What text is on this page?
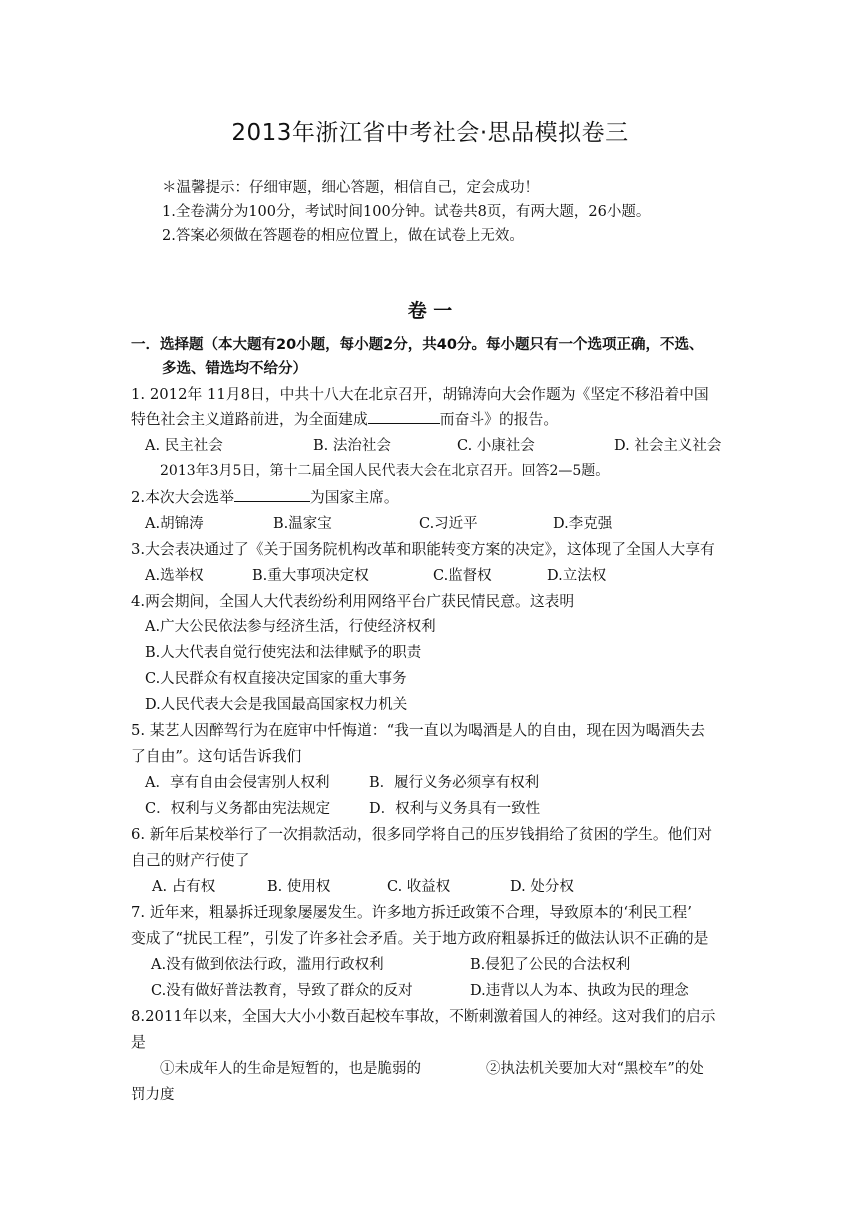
2013年浙江省中考社会·思品模拟卷三
＊温馨提示：仔细审题，细心答题，相信自己，定会成功！
1.全卷满分为100分，考试时间100分钟。试卷共8页，有两大题，26小题。
2.答案必须做在答题卷的相应位置上，做在试卷上无效。
卷 一
一．选择题（本大题有20小题，每小题2分，共40分。每小题只有一个选项正确，不选、
多选、错选均不给分）
1. 2012年 11月8日，中共十八大在北京召开，胡锦涛向大会作题为《坚定不移沿着中国
特色社会主义道路前进，为全面建成	而奋斗》的报告。
A. 民主社会	B. 法治社会	C. 小康社会	D. 社会主义社会
2013年3月5日，第十二届全国人民代表大会在北京召开。回答2—5题。
2.本次大会选举	为国家主席。
A.胡锦涛	B.温家宝	C.习近平	D.李克强
3.大会表决通过了《关于国务院机构改革和职能转变方案的决定》，这体现了全国人大享有
A.选举权	B.重大事项决定权	C.监督权	D.立法权
4.两会期间，全国人大代表纷纷利用网络平台广获民情民意。这表明
A.广大公民依法参与经济生活，行使经济权利
B.人大代表自觉行使宪法和法律赋予的职责
C.人民群众有权直接决定国家的重大事务
D.人民代表大会是我国最高国家权力机关
5. 某艺人因醉驾行为在庭审中忏悔道：“我一直以为喝酒是人的自由，现在因为喝酒失去
了自由”。这句话告诉我们
A．享有自由会侵害别人权利	B．履行义务必须享有权利
C．权利与义务都由宪法规定	D．权利与义务具有一致性
6. 新年后某校举行了一次捐款活动，很多同学将自己的压岁钱捐给了贫困的学生。他们对
自己的财产行使了
A. 占有权	B. 使用权	C. 收益权	D. 处分权
7. 近年来，粗暴拆迁现象屡屡发生。许多地方拆迁政策不合理，导致原本的‘利民工程’
变成了“扰民工程”，引发了许多社会矛盾。关于地方政府粗暴拆迁的做法认识不正确的是
A.没有做到依法行政，滥用行政权利	B.侵犯了公民的合法权利
C.没有做好普法教育，导致了群众的反对	D.违背以人为本、执政为民的理念
8.2011年以来，全国大大小小数百起校车事故，不断刺激着国人的神经。这对我们的启示
是
①未成年人的生命是短暂的，也是脆弱的	②执法机关要加大对“黑校车”的处
罚力度
